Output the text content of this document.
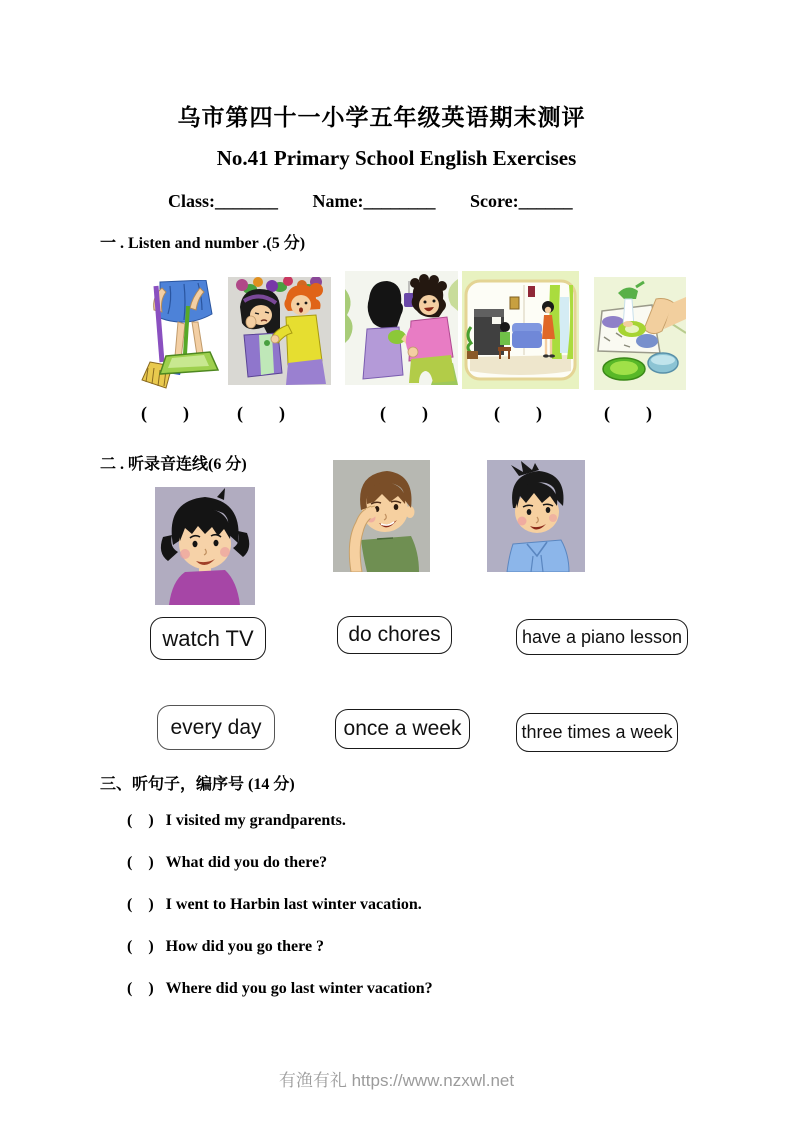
乌市第四十一小学五年级英语期末测评
No.41 Primary School English Exercises
Class:_______ Name:________ Score:______
一 . Listen and number .(5 分)
(        )	(        )	(        )	(        )	(        )
二 . 听录音连线(6 分)
watch TV	do chores	have a piano lesson
every day	once a week	three times a week
三、听句子，编序号 (14 分)
(    ) I visited my grandparents.
(    ) What did you do there?
(    ) I went to Harbin last winter vacation.
(    ) How did you go there ?
(    ) Where did you go last winter vacation?
有渔有礼 https://www.nzxwl.net
